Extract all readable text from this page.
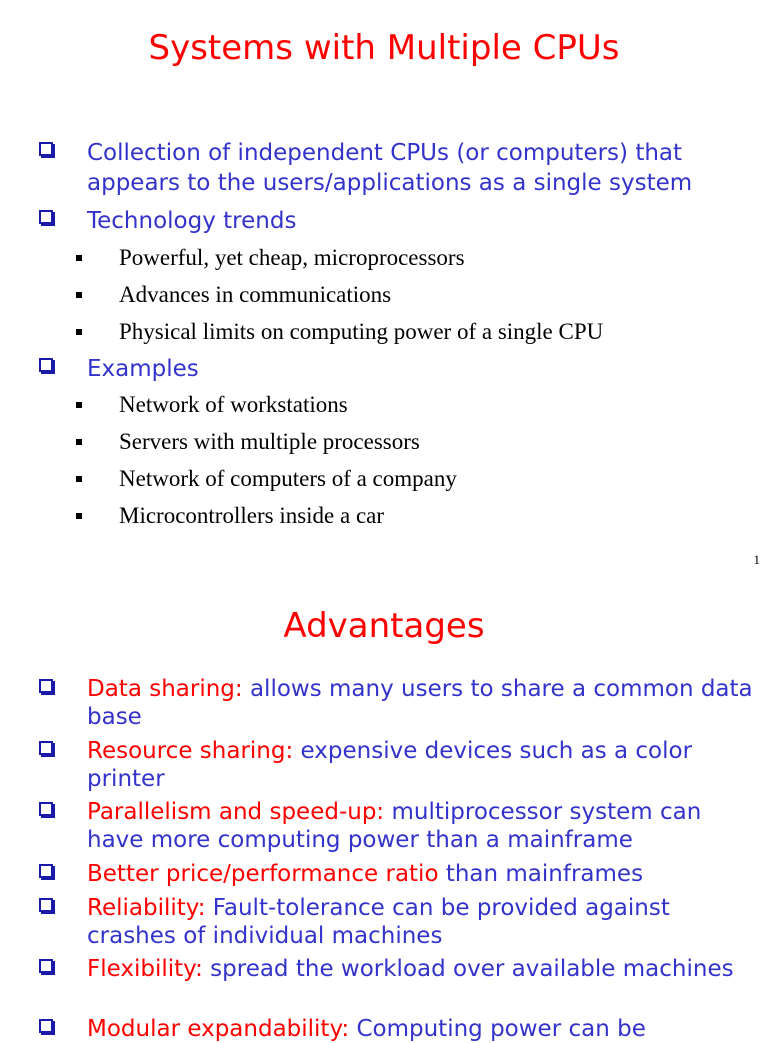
Systems with Multiple CPUs
Collection of independent CPUs (or computers) that
appears to the users/applications as a single system
Technology trends
Powerful, yet cheap, microprocessors
Advances in communications
Physical limits on computing power of a single CPU
Examples
Network of workstations
Servers with multiple processors
Network of computers of a company
Microcontrollers inside a car
1
Advantages
Data sharing: allows many users to share a common data base
Resource sharing: expensive devices such as a color printer
Parallelism and speed-up: multiprocessor system can have more computing power than a mainframe
Better price/performance ratio than mainframes
Reliability: Fault-tolerance can be provided against crashes of individual machines
Flexibility: spread the workload over available machines
Modular expandability: Computing power can be
